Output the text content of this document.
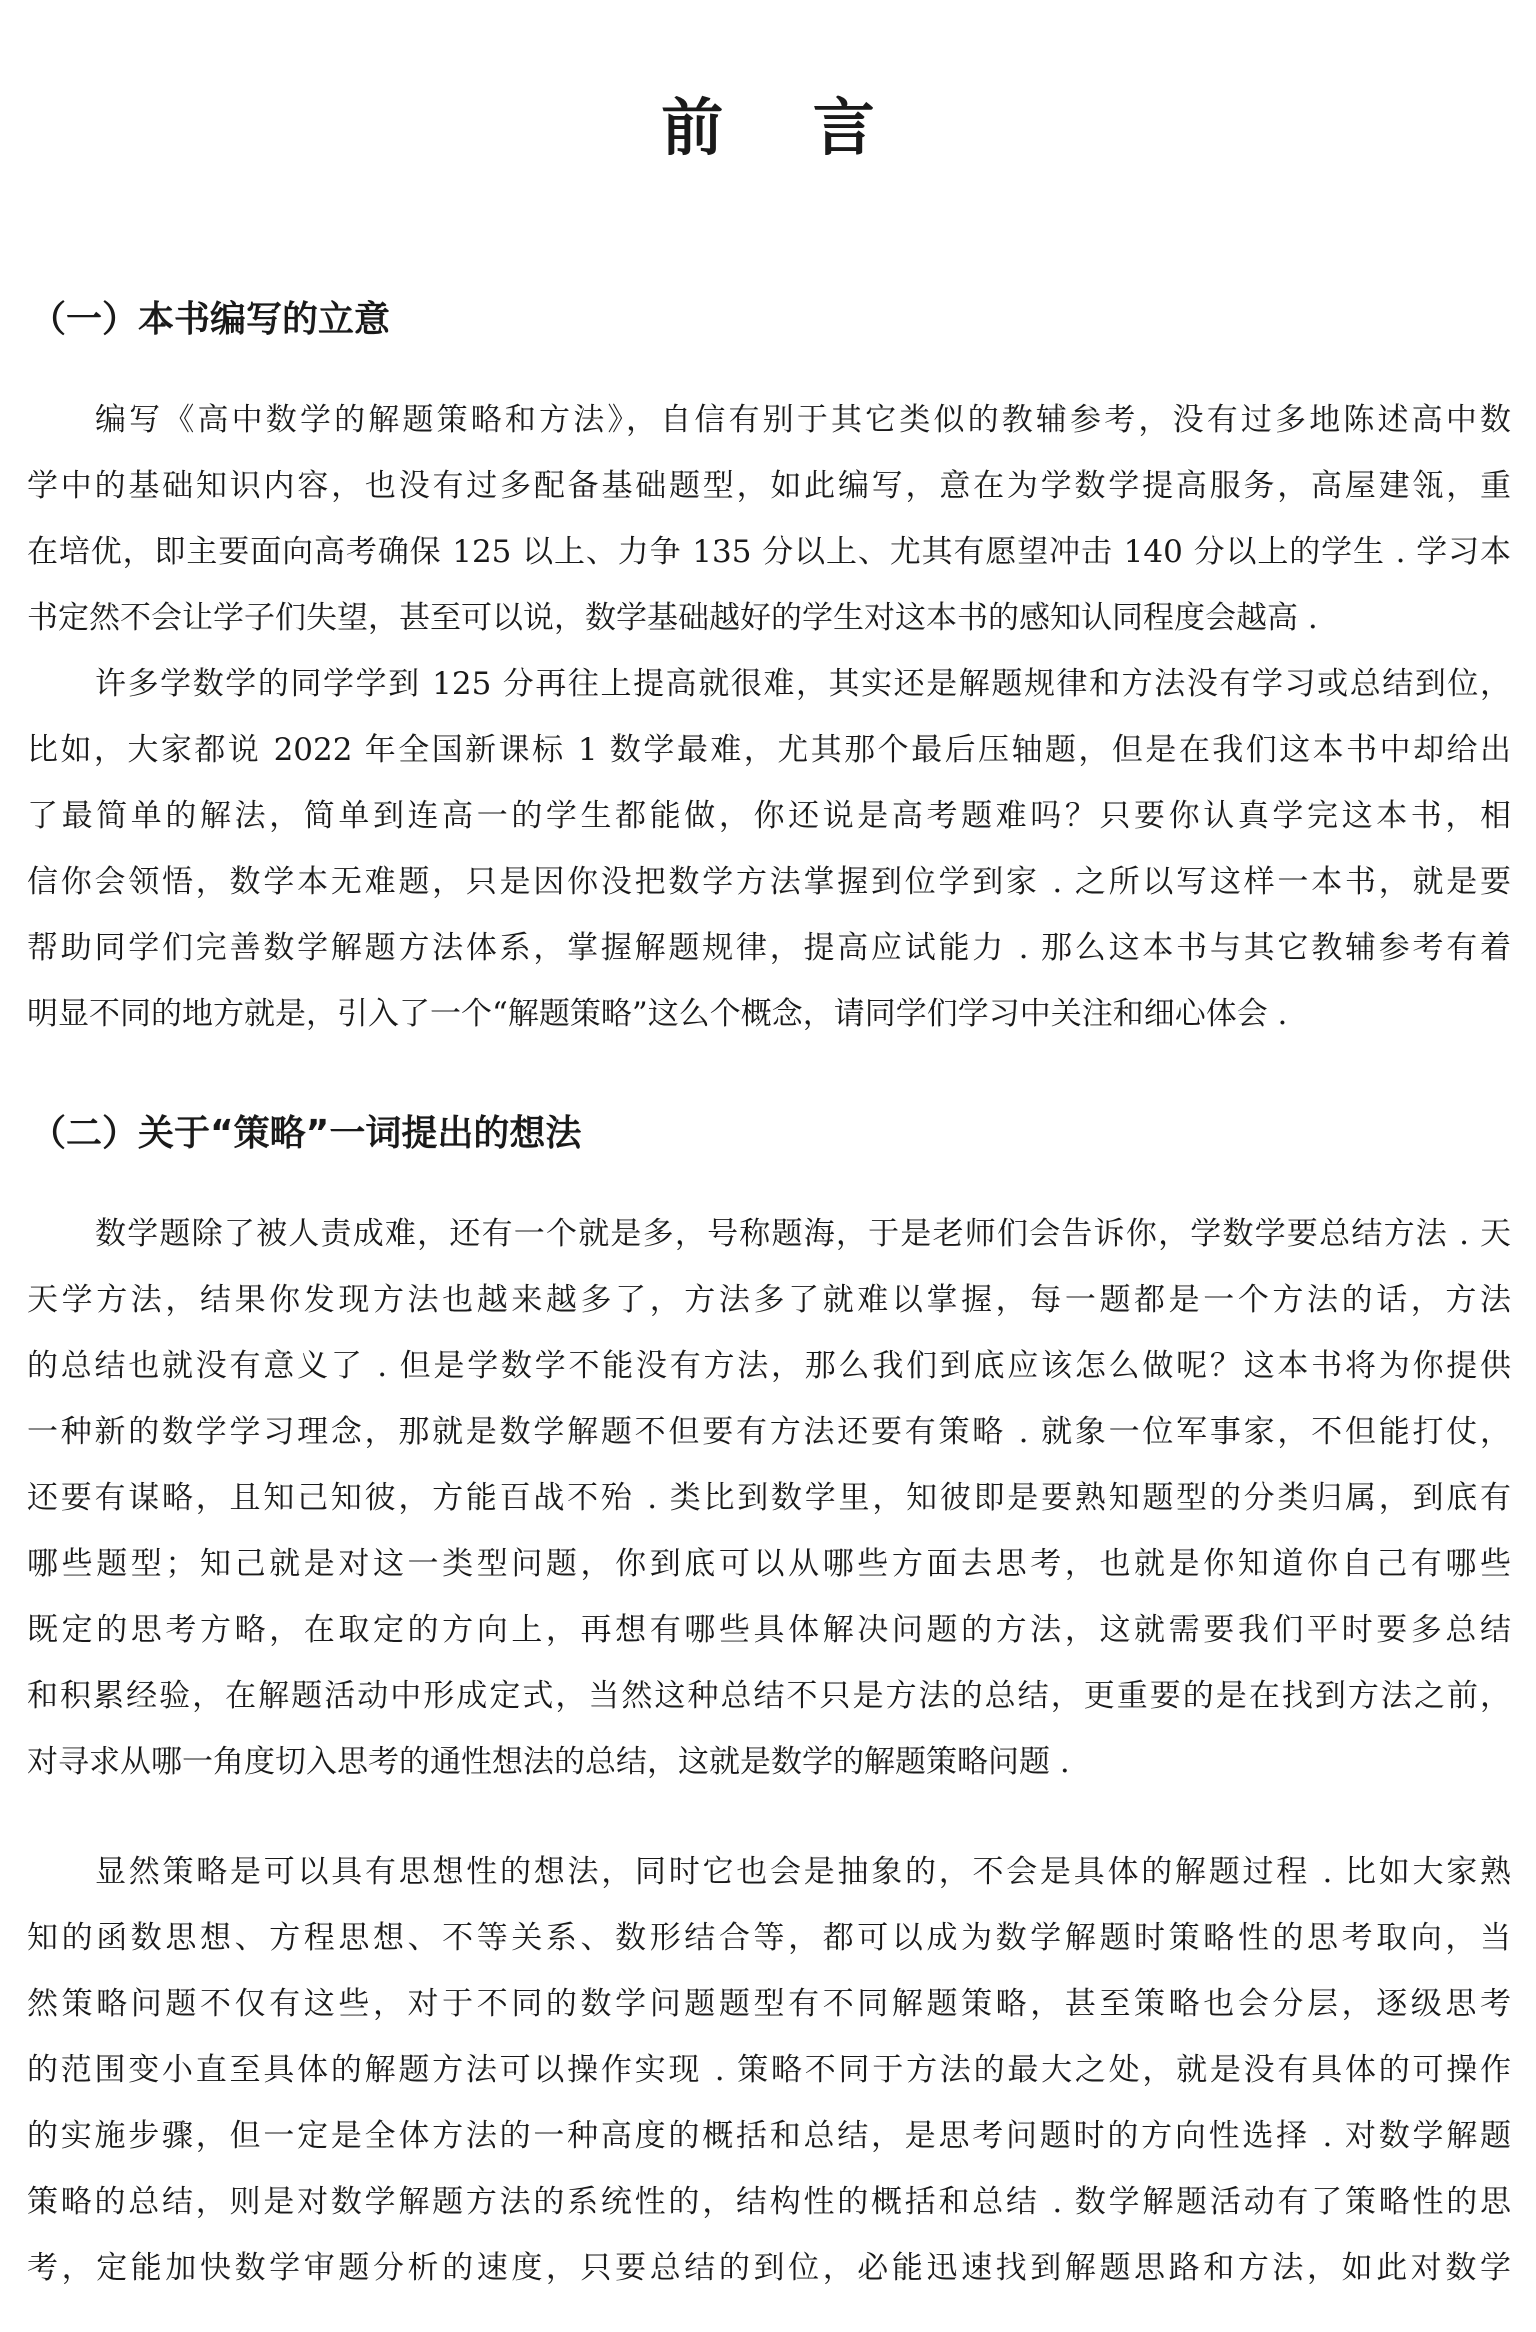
前 言
（一）本书编写的立意
编写《高中数学的解题策略和方法》，自信有别于其它类似的教辅参考，没有过多地陈述高中数
学中的基础知识内容，也没有过多配备基础题型，如此编写，意在为学数学提高服务，高屋建瓴，重
在培优，即主要面向高考确保 125 以上、力争 135 分以上、尤其有愿望冲击 140 分以上的学生 . 学习本
书定然不会让学子们失望，甚至可以说，数学基础越好的学生对这本书的感知认同程度会越高 .
许多学数学的同学学到 125 分再往上提高就很难，其实还是解题规律和方法没有学习或总结到位，
比如，大家都说 2022 年全国新课标 1 数学最难，尤其那个最后压轴题，但是在我们这本书中却给出
了最简单的解法，简单到连高一的学生都能做，你还说是高考题难吗？只要你认真学完这本书，相
信你会领悟，数学本无难题，只是因你没把数学方法掌握到位学到家 . 之所以写这样一本书，就是要
帮助同学们完善数学解题方法体系，掌握解题规律，提高应试能力 . 那么这本书与其它教辅参考有着
明显不同的地方就是，引入了一个“解题策略”这么个概念，请同学们学习中关注和细心体会 .
（二）关于“策略”一词提出的想法
数学题除了被人责成难，还有一个就是多，号称题海，于是老师们会告诉你，学数学要总结方法 . 天
天学方法，结果你发现方法也越来越多了，方法多了就难以掌握，每一题都是一个方法的话，方法
的总结也就没有意义了 . 但是学数学不能没有方法，那么我们到底应该怎么做呢？这本书将为你提供
一种新的数学学习理念，那就是数学解题不但要有方法还要有策略 . 就象一位军事家，不但能打仗，
还要有谋略，且知己知彼，方能百战不殆 . 类比到数学里，知彼即是要熟知题型的分类归属，到底有
哪些题型；知己就是对这一类型问题，你到底可以从哪些方面去思考，也就是你知道你自己有哪些
既定的思考方略，在取定的方向上，再想有哪些具体解决问题的方法，这就需要我们平时要多总结
和积累经验，在解题活动中形成定式，当然这种总结不只是方法的总结，更重要的是在找到方法之前，
对寻求从哪一角度切入思考的通性想法的总结，这就是数学的解题策略问题 .
显然策略是可以具有思想性的想法，同时它也会是抽象的，不会是具体的解题过程 . 比如大家熟
知的函数思想、方程思想、不等关系、数形结合等，都可以成为数学解题时策略性的思考取向，当
然策略问题不仅有这些，对于不同的数学问题题型有不同解题策略，甚至策略也会分层，逐级思考
的范围变小直至具体的解题方法可以操作实现 . 策略不同于方法的最大之处，就是没有具体的可操作
的实施步骤，但一定是全体方法的一种高度的概括和总结，是思考问题时的方向性选择 . 对数学解题
策略的总结，则是对数学解题方法的系统性的，结构性的概括和总结 . 数学解题活动有了策略性的思
考，定能加快数学审题分析的速度，只要总结的到位，必能迅速找到解题思路和方法，如此对数学
